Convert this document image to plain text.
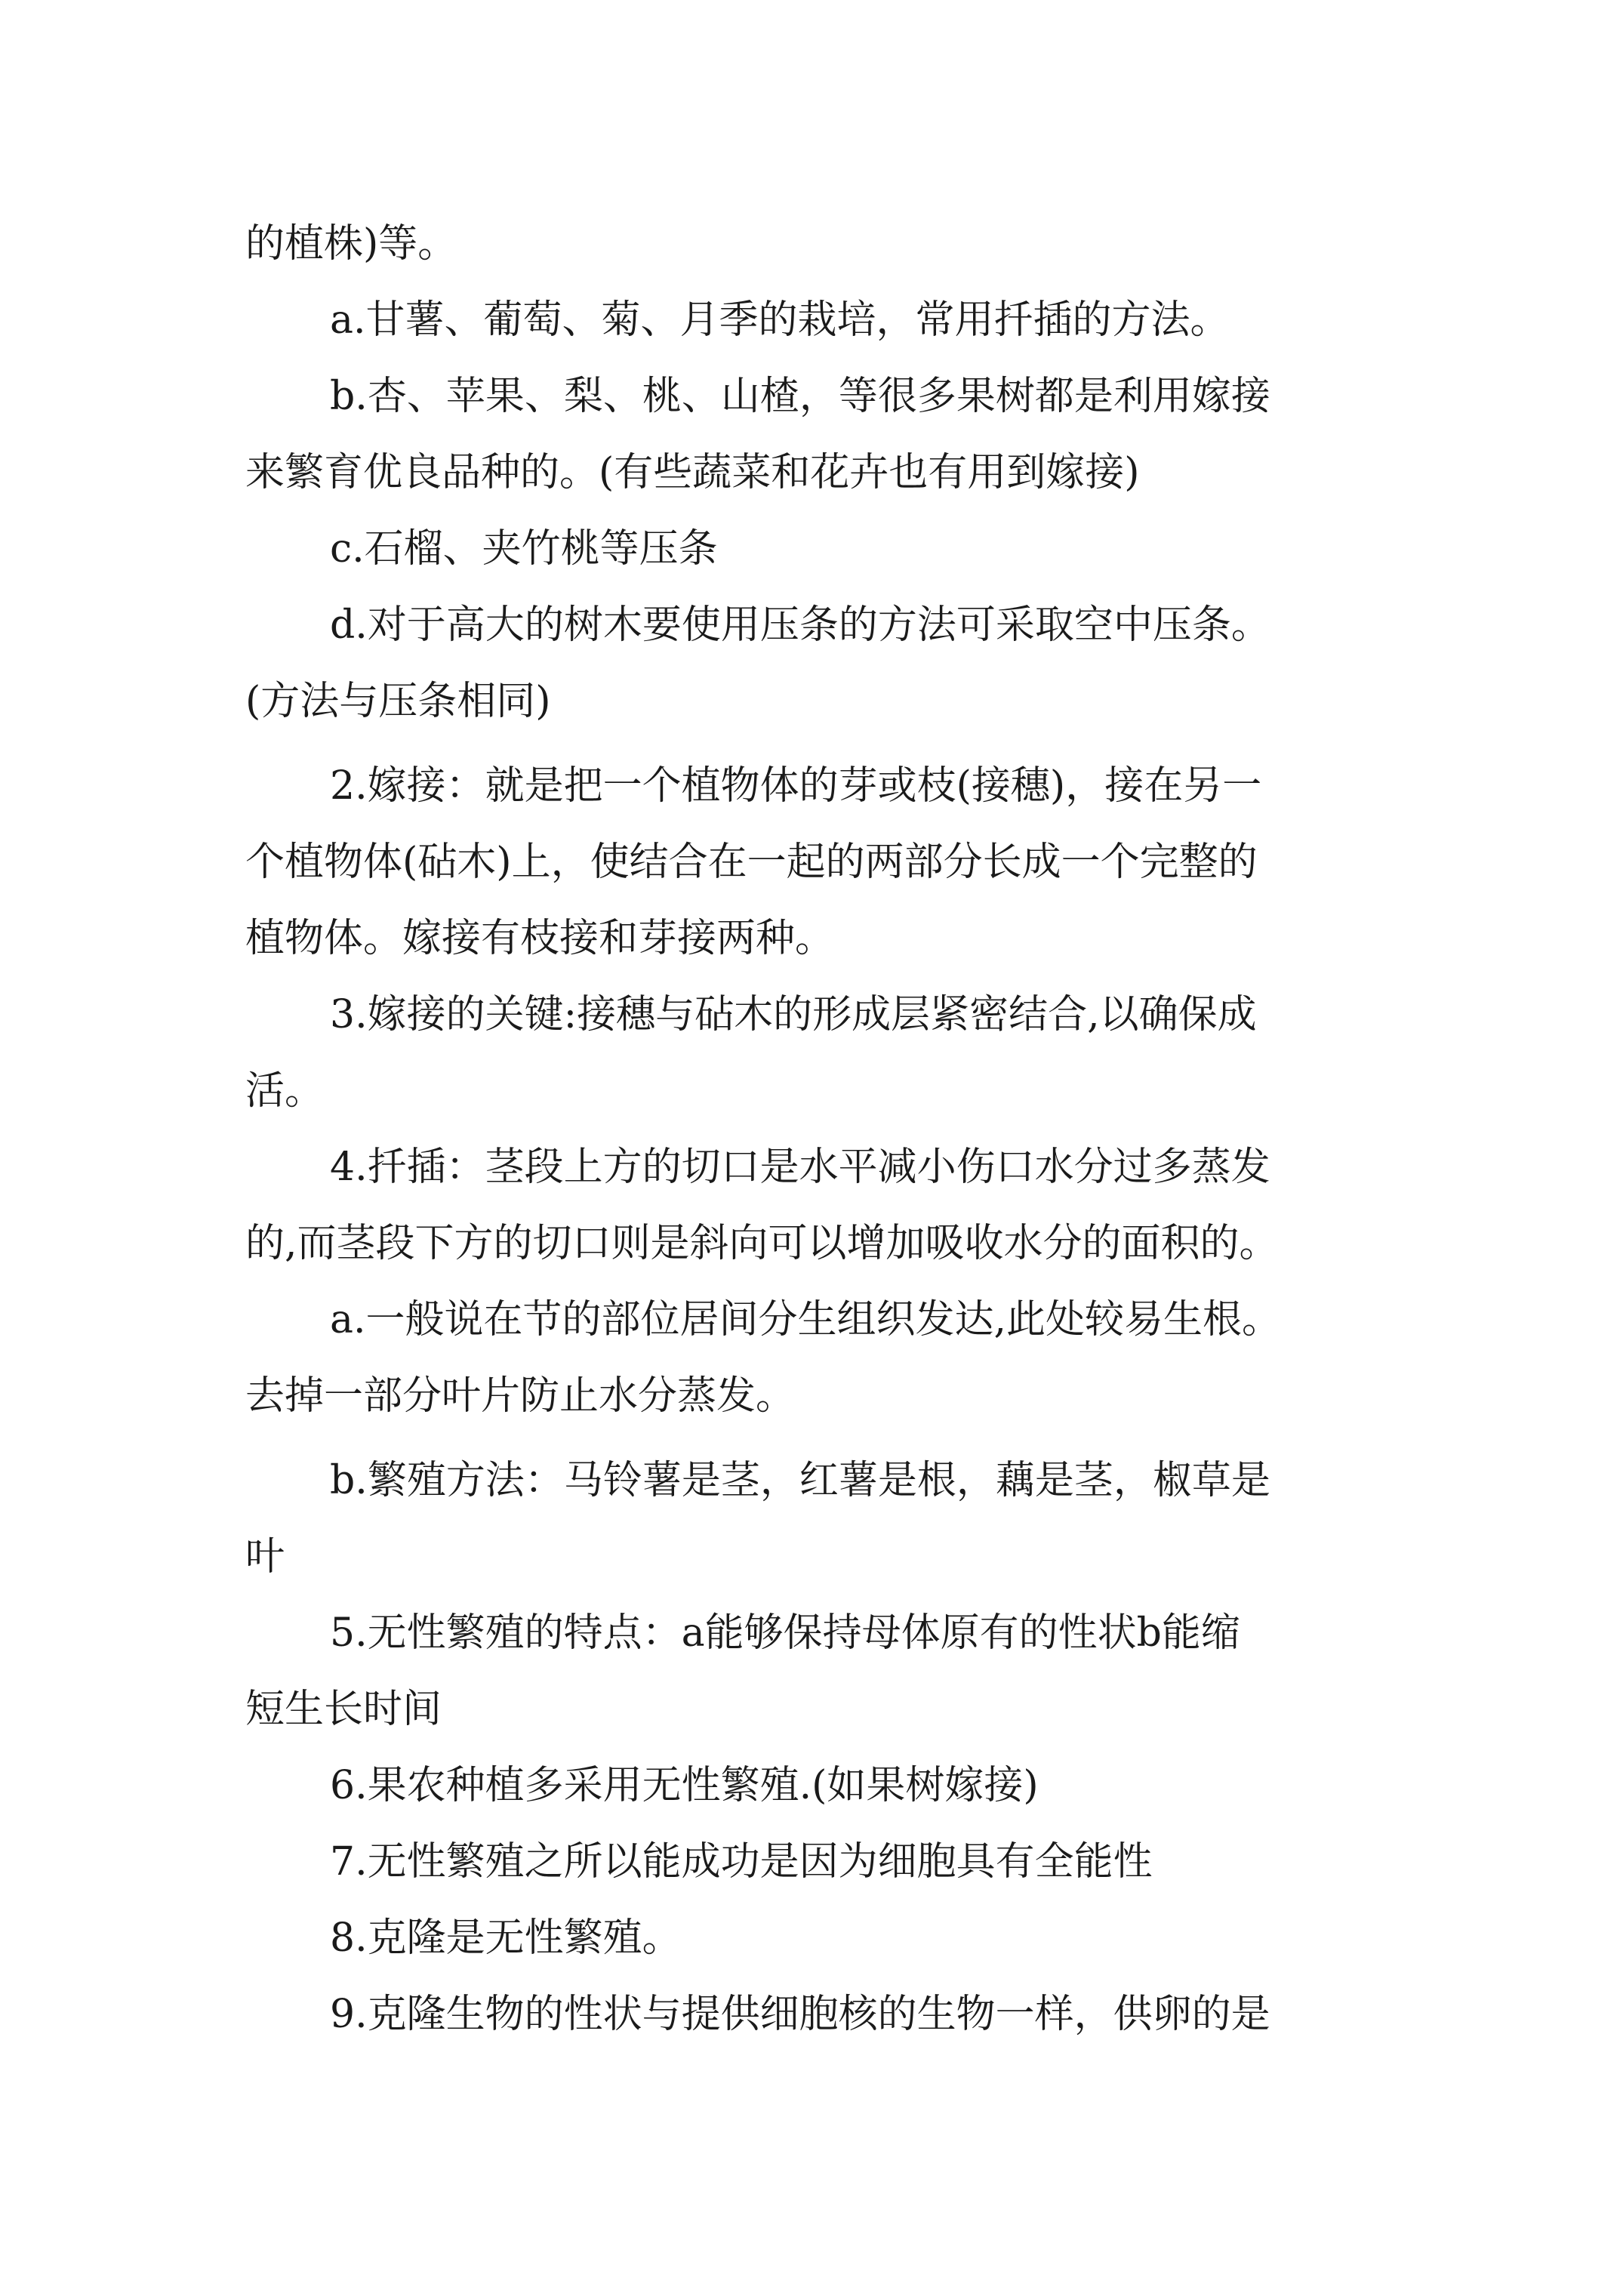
的植株)等。
a.甘薯、葡萄、菊、月季的栽培，常用扦插的方法。
b.杏、苹果、梨、桃、山楂，等很多果树都是利用嫁接
来繁育优良品种的。(有些蔬菜和花卉也有用到嫁接)
c.石榴、夹竹桃等压条
d.对于高大的树木要使用压条的方法可采取空中压条。
(方法与压条相同)
2.嫁接：就是把一个植物体的芽或枝(接穗)，接在另一
个植物体(砧木)上，使结合在一起的两部分长成一个完整的
植物体。嫁接有枝接和芽接两种。
3.嫁接的关键:接穗与砧木的形成层紧密结合,以确保成
活。
4.扦插：茎段上方的切口是水平减小伤口水分过多蒸发
的,而茎段下方的切口则是斜向可以增加吸收水分的面积的。
a.一般说在节的部位居间分生组织发达,此处较易生根。
去掉一部分叶片防止水分蒸发。
b.繁殖方法：马铃薯是茎，红薯是根，藕是茎，椒草是
叶
5.无性繁殖的特点：a能够保持母体原有的性状b能缩
短生长时间
6.果农种植多采用无性繁殖.(如果树嫁接)
7.无性繁殖之所以能成功是因为细胞具有全能性
8.克隆是无性繁殖。
9.克隆生物的性状与提供细胞核的生物一样，供卵的是
